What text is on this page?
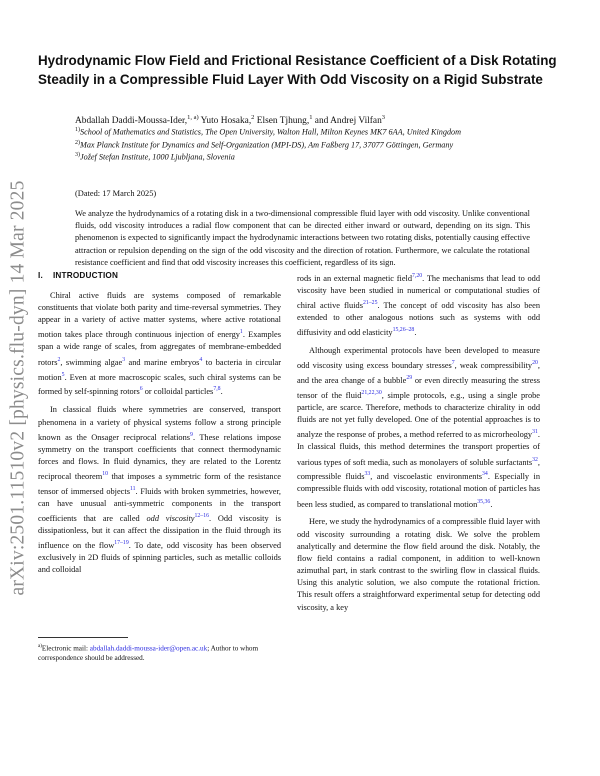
arXiv:2501.11510v2 [physics.flu-dyn] 14 Mar 2025
Hydrodynamic Flow Field and Frictional Resistance Coefficient of a Disk Rotating Steadily in a Compressible Fluid Layer With Odd Viscosity on a Rigid Substrate
Abdallah Daddi-Moussa-Ider,$^{1, a)}$ Yuto Hosaka,$^2$ Elsen Tjhung,$^1$ and Andrej Vilfan$^3$
$^{1)}$School of Mathematics and Statistics, The Open University, Walton Hall, Milton Keynes MK7 6AA, United Kingdom
$^{2)}$Max Planck Institute for Dynamics and Self-Organization (MPI-DS), Am Faßberg 17, 37077 Göttingen, Germany
$^{3)}$Jožef Stefan Institute, 1000 Ljubljana, Slovenia
(Dated: 17 March 2025)
We analyze the hydrodynamics of a rotating disk in a two-dimensional compressible fluid layer with odd viscosity. Unlike conventional fluids, odd viscosity introduces a radial flow component that can be directed either inward or outward, depending on its sign. This phenomenon is expected to significantly impact the hydrodynamic interactions between two rotating disks, potentially causing effective attraction or repulsion depending on the sign of the odd viscosity and the direction of rotation. Furthermore, we calculate the rotational resistance coefficient and find that odd viscosity increases this coefficient, regardless of its sign.
I. INTRODUCTION

Chiral active fluids are systems composed of remarkable constituents that violate both parity and time-reversal symmetries. They appear in a variety of active matter systems, where active rotational motion takes place through continuous injection of energy$^1$. Examples span a wide range of scales, from aggregates of membrane-embedded rotors$^2$, swimming algae$^3$ and marine embryos$^4$ to bacteria in circular motion$^5$. Even at more macroscopic scales, such chiral systems can be formed by self-spinning rotors$^6$ or colloidal particles$^{7,8}$.

In classical fluids where symmetries are conserved, transport phenomena in a variety of physical systems follow a strong principle known as the Onsager reciprocal relations$^9$. These relations impose symmetry on the transport coefficients that connect thermodynamic forces and flows. In fluid dynamics, they are related to the Lorentz reciprocal theorem$^{10}$ that imposes a symmetric form of the resistance tensor of immersed objects$^{11}$. Fluids with broken symmetries, however, can have unusual anti-symmetric components in the transport coefficients that are called odd viscosity$^{12-16}$. Odd viscosity is dissipationless, but it can affect the dissipation in the fluid through its influence on the flow$^{17-19}$. To date, odd viscosity has been observed exclusively in 2D fluids of spinning particles, such as metallic colloids and colloidal

rods in an external magnetic field$^{7,20}$. The mechanisms that lead to odd viscosity have been studied in numerical or computational studies of chiral active fluids$^{21-25}$. The concept of odd viscosity has also been extended to other analogous notions such as systems with odd diffusivity and odd elasticity$^{15,26-28}$.

Although experimental protocols have been developed to measure odd viscosity using excess boundary stresses$^7$, weak compressibility$^{20}$, and the area change of a bubble$^{29}$ or even directly measuring the stress tensor of the fluid$^{21,22,30}$, simple protocols, e.g., using a single probe particle, are scarce. Therefore, methods to characterize chirality in odd fluids are not yet fully developed. One of the potential approaches is to analyze the response of probes, a method referred to as microrheology$^{31}$. In classical fluids, this method determines the transport properties of various types of soft media, such as monolayers of soluble surfactants$^{32}$, compressible fluids$^{33}$, and viscoelastic environments$^{34}$. Especially in compressible fluids with odd viscosity, rotational motion of particles has been less studied, as compared to translational motion$^{35,36}$.

Here, we study the hydrodynamics of a compressible fluid layer with odd viscosity surrounding a rotating disk. We solve the problem analytically and determine the flow field around the disk. Notably, the flow field contains a radial component, in addition to well-known azimuthal part, in stark contrast to the swirling flow in classical fluids. Using this analytic solution, we also compute the rotational friction. This result offers a straightforward experimental setup for detecting odd viscosity, a key

$^{a)}$Electronic mail: abdallah.daddi-moussa-ider@open.ac.uk; Author to whom correspondence should be addressed.
